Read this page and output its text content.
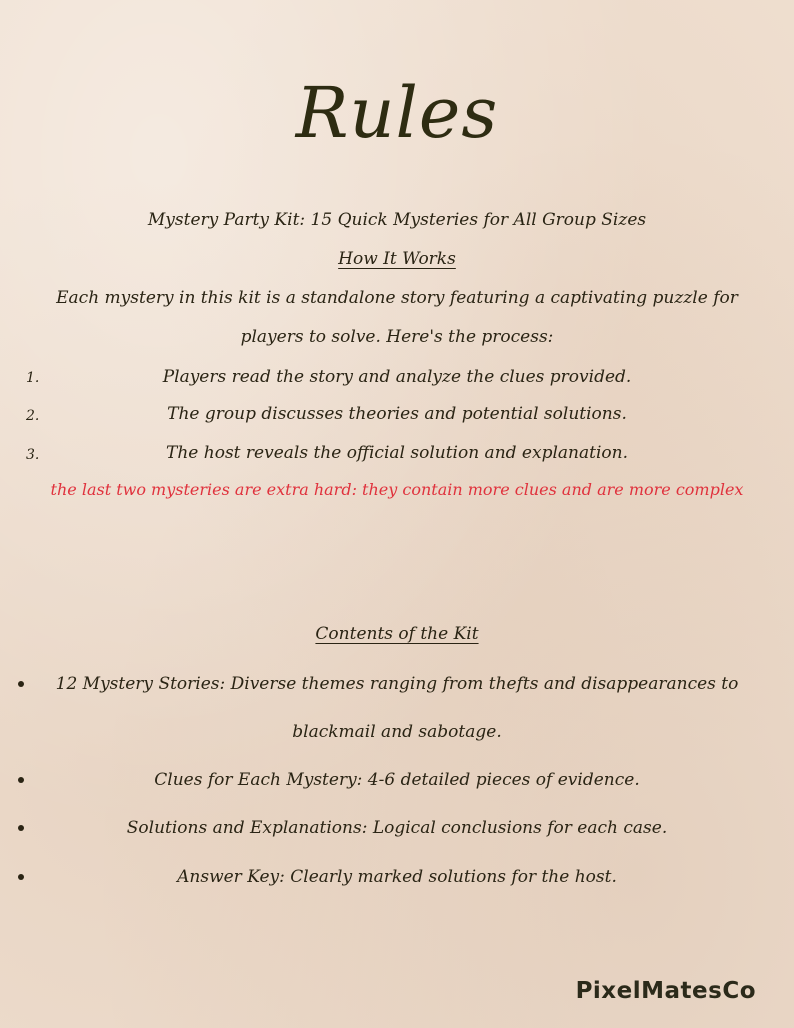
Rules
Mystery Party Kit: 15 Quick Mysteries for All Group Sizes
How It Works
Each mystery in this kit is a standalone story featuring a captivating puzzle for
players to solve. Here's the process:
1.	Players read the story and analyze the clues provided.
2.	The group discusses theories and potential solutions.
3.	The host reveals the official solution and explanation.
the last two mysteries are extra hard: they contain more clues and are more complex
Contents of the Kit
12 Mystery Stories: Diverse themes ranging from thefts and disappearances to
blackmail and sabotage.
Clues for Each Mystery: 4-6 detailed pieces of evidence.
Solutions and Explanations: Logical conclusions for each case.
Answer Key: Clearly marked solutions for the host.
PixelMatesCo
